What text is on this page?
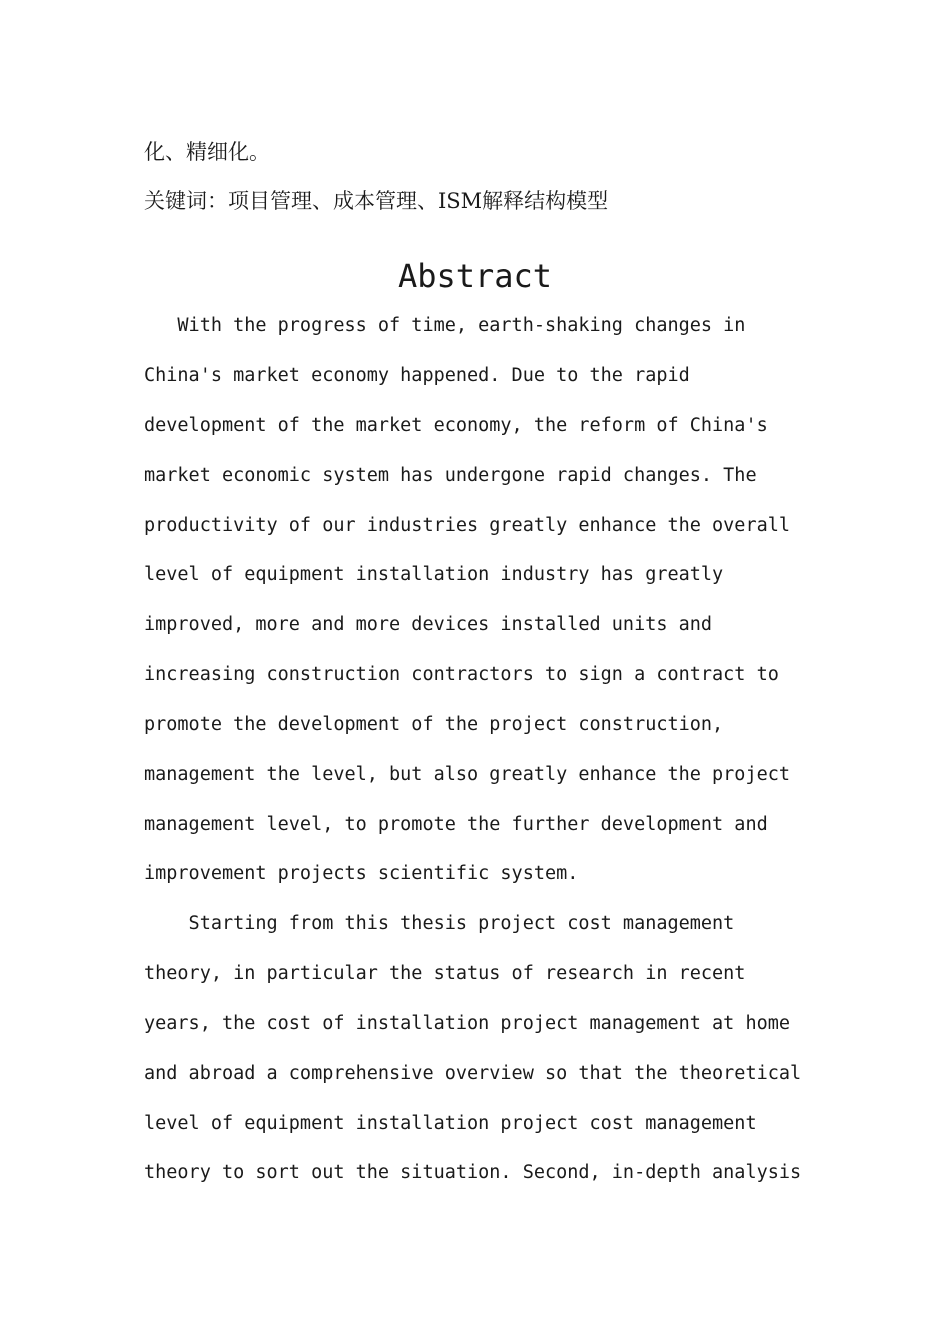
化、精细化。

关键词：项目管理、成本管理、ISM解释结构模型

Abstract

With the progress of time, earth-shaking changes in

China's market economy happened. Due to the rapid

development of the market economy, the reform of China's

market economic system has undergone rapid changes. The

productivity of our industries greatly enhance the overall

level of equipment installation industry has greatly

improved, more and more devices installed units and

increasing construction contractors to sign a contract to

promote the development of the project construction,

management the level, but also greatly enhance the project

management level, to promote the further development and

improvement projects scientific system.

Starting from this thesis project cost management

theory, in particular the status of research in recent

years, the cost of installation project management at home

and abroad a comprehensive overview so that the theoretical

level of equipment installation project cost management

theory to sort out the situation. Second, in-depth analysis
